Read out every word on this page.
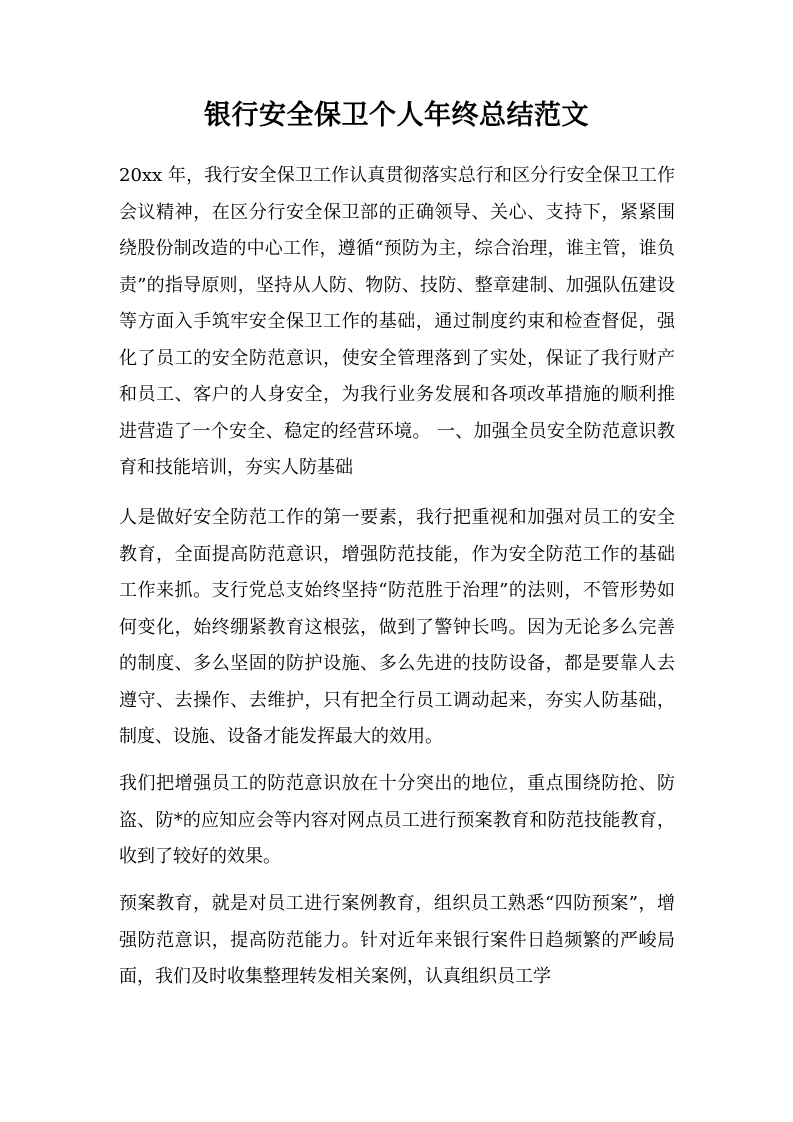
银行安全保卫个人年终总结范文

20xx 年，我行安全保卫工作认真贯彻落实总行和区分行安全保卫工作会议精神，在区分行安全保卫部的正确领导、关心、支持下，紧紧围绕股份制改造的中心工作，遵循“预防为主，综合治理，谁主管，谁负责”的指导原则，坚持从人防、物防、技防、整章建制、加强队伍建设等方面入手筑牢安全保卫工作的基础，通过制度约束和检查督促，强化了员工的安全防范意识，使安全管理落到了实处，保证了我行财产和员工、客户的人身安全，为我行业务发展和各项改革措施的顺利推进营造了一个安全、稳定的经营环境。 一、加强全员安全防范意识教育和技能培训，夯实人防基础

人是做好安全防范工作的第一要素，我行把重视和加强对员工的安全教育，全面提高防范意识，增强防范技能，作为安全防范工作的基础工作来抓。支行党总支始终坚持“防范胜于治理”的法则，不管形势如何变化，始终绷紧教育这根弦，做到了警钟长鸣。因为无论多么完善的制度、多么坚固的防护设施、多么先进的技防设备，都是要靠人去遵守、去操作、去维护，只有把全行员工调动起来，夯实人防基础，制度、设施、设备才能发挥最大的效用。

我们把增强员工的防范意识放在十分突出的地位，重点围绕防抢、防盗、防*的应知应会等内容对网点员工进行预案教育和防范技能教育，收到了较好的效果。

预案教育，就是对员工进行案例教育，组织员工熟悉“四防预案”，增强防范意识，提高防范能力。针对近年来银行案件日趋频繁的严峻局面，我们及时收集整理转发相关案例，认真组织员工学
